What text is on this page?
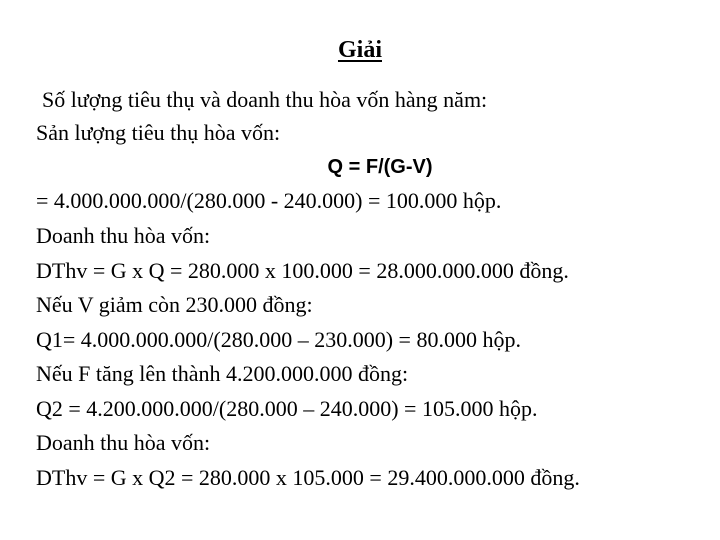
Giải
Số lượng tiêu thụ và doanh thu hòa vốn hàng năm:
Sản lượng tiêu thụ hòa vốn:
Q = F/(G-V)
= 4.000.000.000/(280.000 - 240.000) = 100.000 hộp.
Doanh thu hòa vốn:
DThv = G x Q = 280.000 x 100.000 = 28.000.000.000 đồng.
Nếu V giảm còn 230.000 đồng:
Q1= 4.000.000.000/(280.000 – 230.000) = 80.000 hộp.
Nếu F tăng lên thành 4.200.000.000 đồng:
Q2 = 4.200.000.000/(280.000 – 240.000) = 105.000 hộp.
Doanh thu hòa vốn:
DThv = G x Q2 = 280.000 x 105.000 = 29.400.000.000 đồng.
